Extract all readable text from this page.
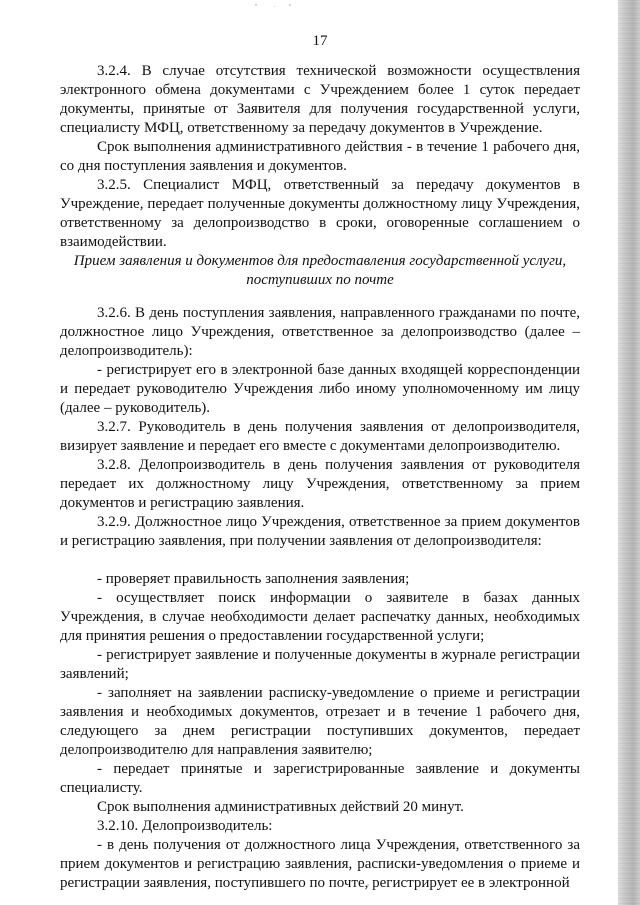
17

3.2.4. В случае отсутствия технической возможности осуществления электронного обмена документами с Учреждением более 1 суток передает документы, принятые от Заявителя для получения государственной услуги, специалисту МФЦ, ответственному за передачу документов в Учреждение.

Срок выполнения административного действия - в течение 1 рабочего дня, со дня поступления заявления и документов.

3.2.5. Специалист МФЦ, ответственный за передачу документов в Учреждение, передает полученные документы должностному лицу Учреждения, ответственному за делопроизводство в сроки, оговоренные соглашением о взаимодействии.

Прием заявления и документов для предоставления государственной услуги, поступивших по почте

3.2.6. В день поступления заявления, направленного гражданами по почте, должностное лицо Учреждения, ответственное за делопроизводство (далее – делопроизводитель):

- регистрирует его в электронной базе данных входящей корреспонденции и передает руководителю Учреждения либо иному уполномоченному им лицу (далее – руководитель).

3.2.7. Руководитель в день получения заявления от делопроизводителя, визирует заявление и передает его вместе с документами делопроизводителю.

3.2.8. Делопроизводитель в день получения заявления от руководителя передает их должностному лицу Учреждения, ответственному за прием документов и регистрацию заявления.

3.2.9. Должностное лицо Учреждения, ответственное за прием документов и регистрацию заявления, при получении заявления от делопроизводителя:

- проверяет правильность заполнения заявления;

- осуществляет поиск информации о заявителе в базах данных Учреждения, в случае необходимости делает распечатку данных, необходимых для принятия решения о предоставлении государственной услуги;

- регистрирует заявление и полученные документы в журнале регистрации заявлений;

- заполняет на заявлении расписку-уведомление о приеме и регистрации заявления и необходимых документов, отрезает и в течение 1 рабочего дня, следующего за днем регистрации поступивших документов, передает делопроизводителю для направления заявителю;

- передает принятые и зарегистрированные заявление и документы специалисту.

Срок выполнения административных действий 20 минут.

3.2.10. Делопроизводитель:

- в день получения от должностного лица Учреждения, ответственного за прием документов и регистрацию заявления, расписки-уведомления о приеме и регистрации заявления, поступившего по почте, регистрирует ее в электронной
